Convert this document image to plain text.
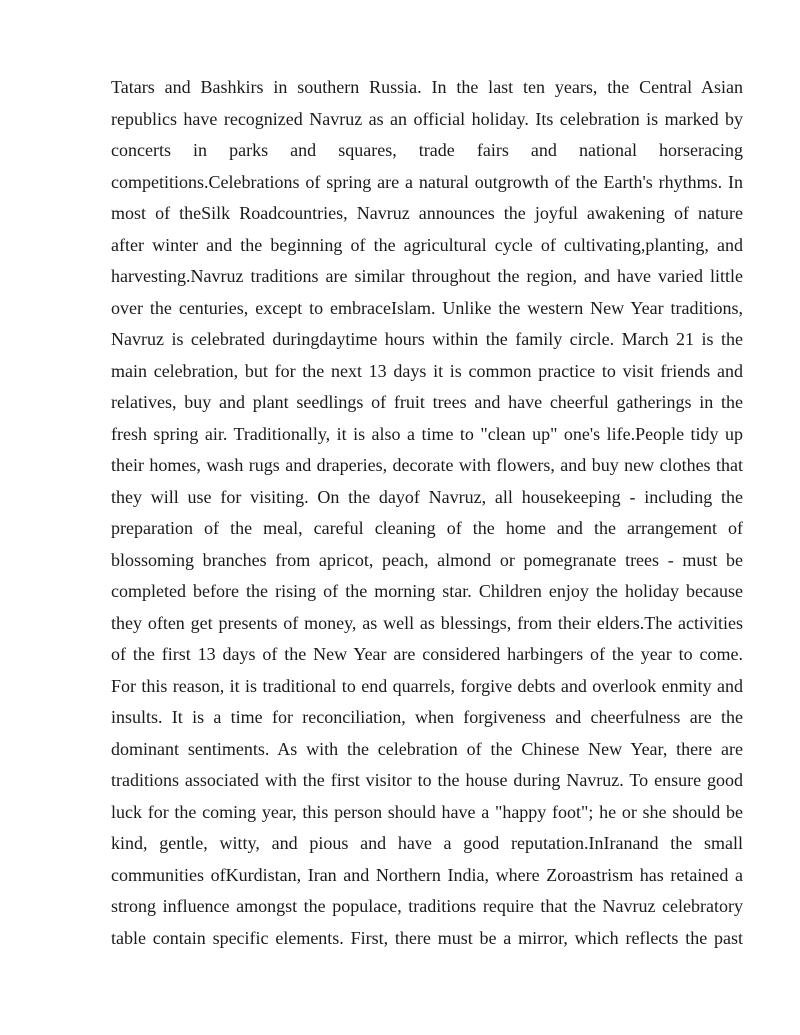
Tatars and Bashkirs in southern Russia. In the last ten years, the Central Asian
republics have recognized Navruz as an official holiday. Its celebration is marked by
concerts in parks and squares, trade fairs and national horseracing
competitions.Celebrations of spring are a natural outgrowth of the Earth's rhythms. In
most of theSilk Roadcountries, Navruz announces the joyful awakening of nature
after winter and the beginning of the agricultural cycle of cultivating,planting, and
harvesting.Navruz traditions are similar throughout the region, and have varied little
over the centuries, except to embraceIslam. Unlike the western New Year traditions,
Navruz is celebrated duringdaytime hours within the family circle. March 21 is the
main celebration, but for the next 13 days it is common practice to visit friends and
relatives, buy and plant seedlings of fruit trees and have cheerful gatherings in the
fresh spring air. Traditionally, it is also a time to "clean up" one's life.People tidy up
their homes, wash rugs and draperies, decorate with flowers, and buy new clothes that
they will use for visiting. On the dayof Navruz, all housekeeping - including the
preparation of the meal, careful cleaning of the home and the arrangement of
blossoming branches from apricot, peach, almond or pomegranate trees - must be
completed before the rising of the morning star. Children enjoy the holiday because
they often get presents of money, as well as blessings, from their elders.The activities
of the first 13 days of the New Year are considered harbingers of the year to come.
For this reason, it is traditional to end quarrels, forgive debts and overlook enmity and
insults. It is a time for reconciliation, when forgiveness and cheerfulness are the
dominant sentiments. As with the celebration of the Chinese New Year, there are
traditions associated with the first visitor to the house during Navruz. To ensure good
luck for the coming year, this person should have a "happy foot"; he or she should be
kind, gentle, witty, and pious and have a good reputation.InIranand the small
communities ofKurdistan, Iran and Northern India, where Zoroastrism has retained a
strong influence amongst the populace, traditions require that the Navruz celebratory
table contain specific elements. First, there must be a mirror, which reflects the past
